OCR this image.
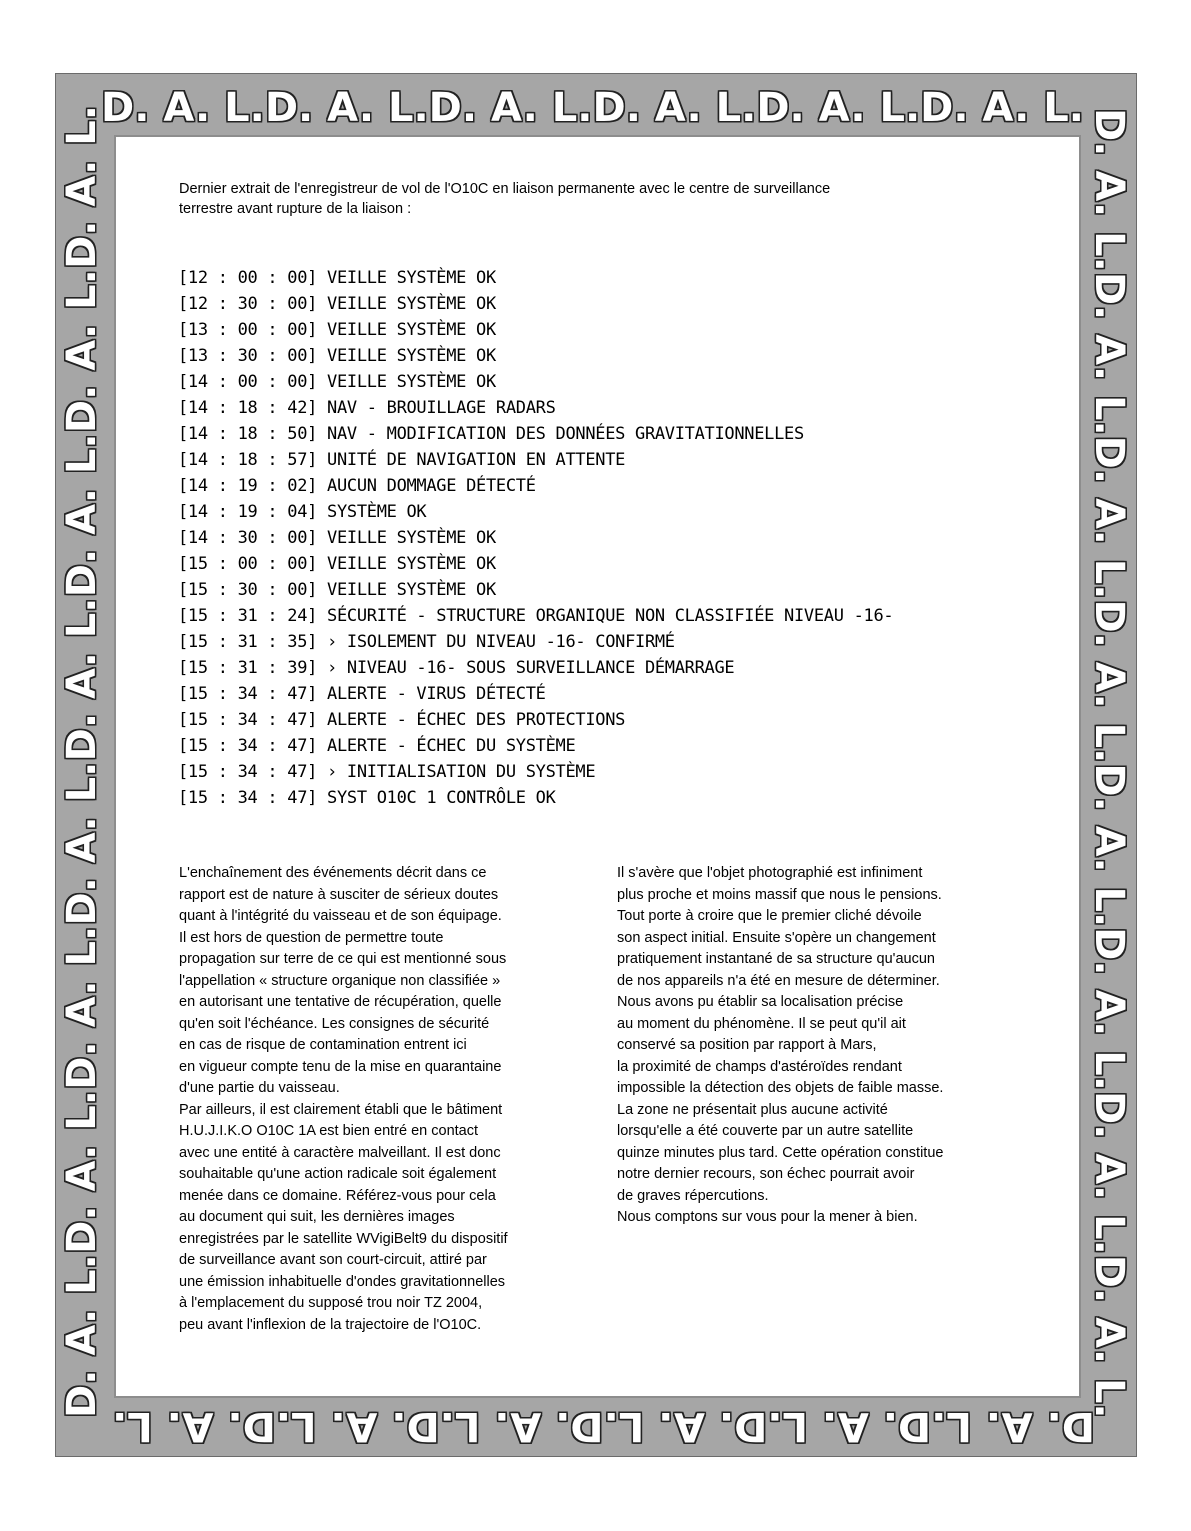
D. A. L. D. A. L. D. A. L. D. A. L. D. A. L. D. A. L.
D. A. L.
D. A. L.
D. A. L.
D. A. L.
D. A. L.
D. A. L.
D. A. L.
D. A. L.
D. A. L.
D. A. L.
D. A. L.
D. A. L.
D. A. L.
D. A. L.	D. A. L.
D. A. L.
D. A. L.
D. A. L.
D. A. L.
D. A. L.
D. A. L.
D. A. L.
Dernier extrait de l'enregistreur de vol de l'O10C en liaison permanente avec le centre de surveillance
terrestre avant rupture de la liaison :
[12 : 00 : 00] VEILLE SYSTÈME OK
[12 : 30 : 00] VEILLE SYSTÈME OK
[13 : 00 : 00] VEILLE SYSTÈME OK
[13 : 30 : 00] VEILLE SYSTÈME OK
[14 : 00 : 00] VEILLE SYSTÈME OK
[14 : 18 : 42] NAV - BROUILLAGE RADARS
[14 : 18 : 50] NAV - MODIFICATION DES DONNÉES GRAVITATIONNELLES
[14 : 18 : 57] UNITÉ DE NAVIGATION EN ATTENTE
[14 : 19 : 02] AUCUN DOMMAGE DÉTECTÉ
[14 : 19 : 04] SYSTÈME OK
[14 : 30 : 00] VEILLE SYSTÈME OK
[15 : 00 : 00] VEILLE SYSTÈME OK
[15 : 30 : 00] VEILLE SYSTÈME OK
[15 : 31 : 24] SÉCURITÉ - STRUCTURE ORGANIQUE NON CLASSIFIÉE NIVEAU -16-
[15 : 31 : 35] › ISOLEMENT DU NIVEAU -16- CONFIRMÉ
[15 : 31 : 39] › NIVEAU -16- SOUS SURVEILLANCE DÉMARRAGE
[15 : 34 : 47] ALERTE - VIRUS DÉTECTÉ
[15 : 34 : 47] ALERTE - ÉCHEC DES PROTECTIONS
[15 : 34 : 47] ALERTE - ÉCHEC DU SYSTÈME
[15 : 34 : 47] › INITIALISATION DU SYSTÈME
[15 : 34 : 47] SYST O10C 1 CONTRÔLE OK

L'enchaînement des événements décrit dans ce

rapport est de nature à susciter de sérieux doutes

quant à l'intégrité du vaisseau et de son équipage.

Il est hors de question de permettre toute

propagation sur terre de ce qui est mentionné sous

l'appellation « structure organique non classifiée »

en autorisant une tentative de récupération, quelle

qu'en soit l'échéance. Les consignes de sécurité

en cas de risque de contamination entrent ici

en vigueur compte tenu de la mise en quarantaine

d'une partie du vaisseau.

Par ailleurs, il est clairement établi que le bâtiment

H.U.J.I.K.O O10C 1A est bien entré en contact

avec une entité à caractère malveillant. Il est donc

souhaitable qu'une action radicale soit également

menée dans ce domaine. Référez-vous pour cela

au document qui suit, les dernières images

enregistrées par le satellite WVigiBelt9 du dispositif

de surveillance avant son court-circuit, attiré par

une émission inhabituelle d'ondes gravitationnelles

à l'emplacement du supposé trou noir TZ 2004,

peu avant l'inflexion de la trajectoire de l'O10C.

Il s'avère que l'objet photographié est infiniment

plus proche et moins massif que nous le pensions.

Tout porte à croire que le premier cliché dévoile

son aspect initial. Ensuite s'opère un changement

pratiquement instantané de sa structure qu'aucun

de nos appareils n'a été en mesure de déterminer.

Nous avons pu établir sa localisation précise

au moment du phénomène. Il se peut qu'il ait

conservé sa position par rapport à Mars,

la proximité de champs d'astéroïdes rendant

impossible la détection des objets de faible masse.

La zone ne présentait plus aucune activité

lorsqu'elle a été couverte par un autre satellite

quinze minutes plus tard. Cette opération constitue

notre dernier recours, son échec pourrait avoir

de graves répercutions.

Nous comptons sur vous pour la mener à bien.
